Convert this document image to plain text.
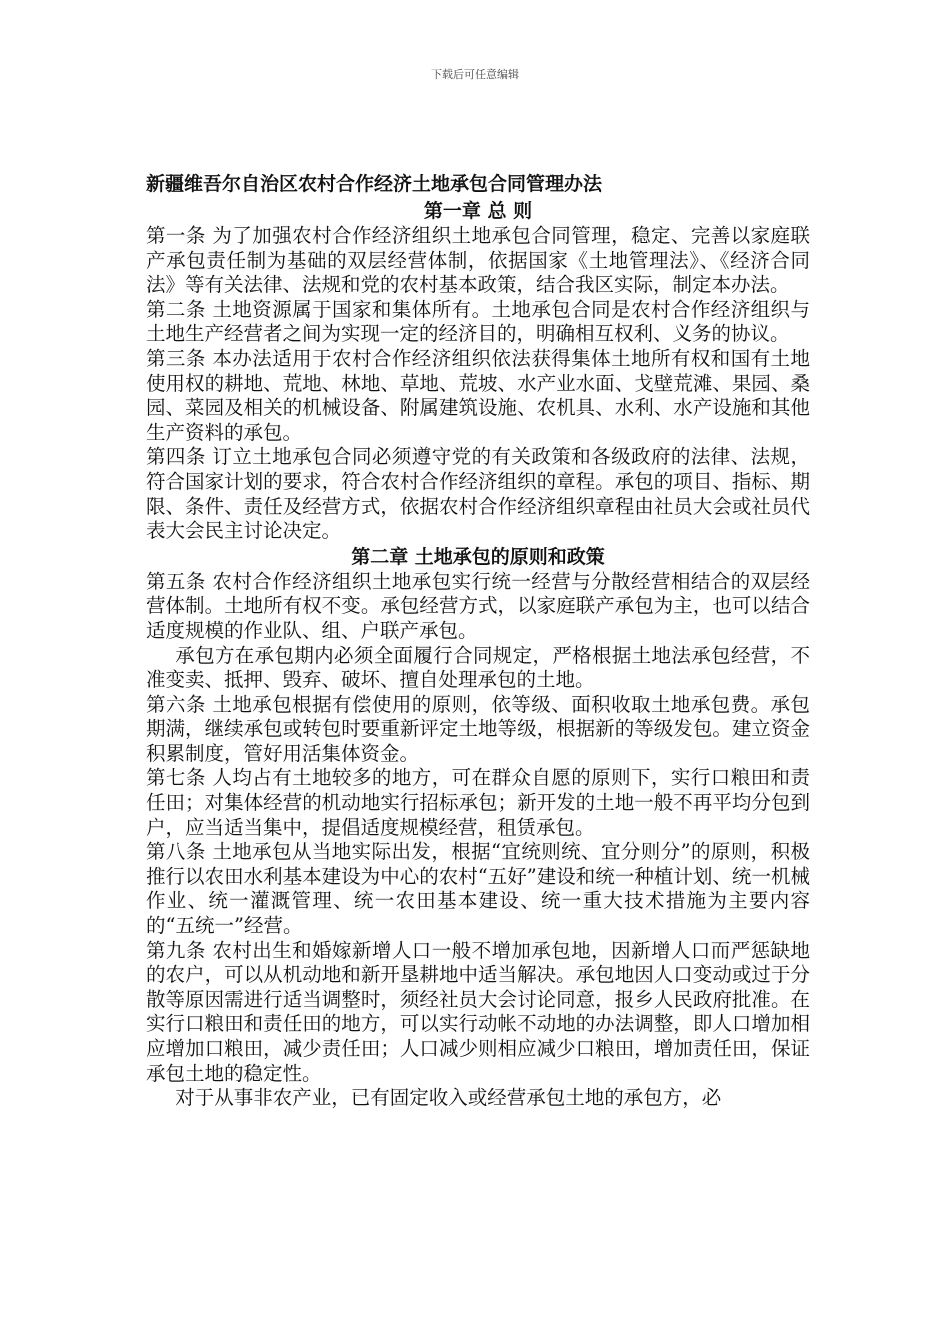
下载后可任意编辑
新疆维吾尔自治区农村合作经济土地承包合同管理办法
第一章 总 则

第一条 为了加强农村合作经济组织土地承包合同管理，稳定、完善以家庭联产承包责任制为基础的双层经营体制，依据国家《土地管理法》、《经济合同法》等有关法律、法规和党的农村基本政策，结合我区实际，制定本办法。

第二条 土地资源属于国家和集体所有。土地承包合同是农村合作经济组织与土地生产经营者之间为实现一定的经济目的，明确相互权利、义务的协议。

第三条 本办法适用于农村合作经济组织依法获得集体土地所有权和国有土地使用权的耕地、荒地、林地、草地、荒坡、水产业水面、戈壁荒滩、果园、桑园、菜园及相关的机械设备、附属建筑设施、农机具、水利、水产设施和其他生产资料的承包。

第四条 订立土地承包合同必须遵守党的有关政策和各级政府的法律、法规，符合国家计划的要求，符合农村合作经济组织的章程。承包的项目、指标、期限、条件、责任及经营方式，依据农村合作经济组织章程由社员大会或社员代表大会民主讨论决定。

第二章 土地承包的原则和政策

第五条 农村合作经济组织土地承包实行统一经营与分散经营相结合的双层经营体制。土地所有权不变。承包经营方式，以家庭联产承包为主，也可以结合适度规模的作业队、组、户联产承包。

承包方在承包期内必须全面履行合同规定，严格根据土地法承包经营，不准变卖、抵押、毁弃、破坏、擅自处理承包的土地。

第六条 土地承包根据有偿使用的原则，依等级、面积收取土地承包费。承包期满，继续承包或转包时要重新评定土地等级，根据新的等级发包。建立资金积累制度，管好用活集体资金。

第七条 人均占有土地较多的地方，可在群众自愿的原则下，实行口粮田和责任田；对集体经营的机动地实行招标承包；新开发的土地一般不再平均分包到户，应当适当集中，提倡适度规模经营，租赁承包。

第八条 土地承包从当地实际出发，根据“宜统则统、宜分则分”的原则，积极推行以农田水利基本建设为中心的农村“五好”建设和统一种植计划、统一机械作业、统一灌溉管理、统一农田基本建设、统一重大技术措施为主要内容的“五统一”经营。

第九条 农村出生和婚嫁新增人口一般不增加承包地，因新增人口而严惩缺地的农户，可以从机动地和新开垦耕地中适当解决。承包地因人口变动或过于分散等原因需进行适当调整时，须经社员大会讨论同意，报乡人民政府批准。在实行口粮田和责任田的地方，可以实行动帐不动地的办法调整，即人口增加相应增加口粮田，减少责任田；人口减少则相应减少口粮田，增加责任田，保证承包土地的稳定性。

对于从事非农产业，已有固定收入或经营承包土地的承包方，必
